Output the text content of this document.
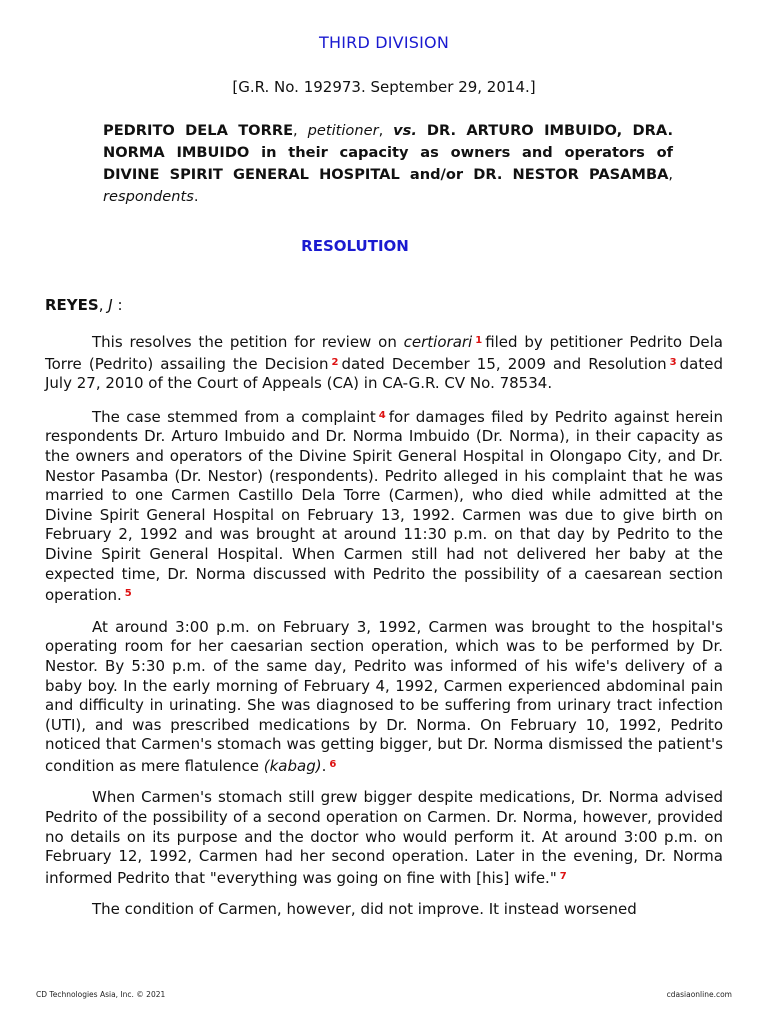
THIRD DIVISION
[G.R. No. 192973. September 29, 2014.]
PEDRITO DELA TORRE, petitioner, vs. DR. ARTURO IMBUIDO, DRA. NORMA IMBUIDO in their capacity as owners and operators of DIVINE SPIRIT GENERAL HOSPITAL and/or DR. NESTOR PASAMBA, respondents.
RESOLUTION
REYES, J :

This resolves the petition for review on certiorari $^1$ filed by petitioner Pedrito Dela Torre (Pedrito) assailing the Decision $^2$ dated December 15, 2009 and Resolution $^3$ dated July 27, 2010 of the Court of Appeals (CA) in CA-G.R. CV No. 78534.

The case stemmed from a complaint $^4$ for damages filed by Pedrito against herein respondents Dr. Arturo Imbuido and Dr. Norma Imbuido (Dr. Norma), in their capacity as the owners and operators of the Divine Spirit General Hospital in Olongapo City, and Dr. Nestor Pasamba (Dr. Nestor) (respondents). Pedrito alleged in his complaint that he was married to one Carmen Castillo Dela Torre (Carmen), who died while admitted at the Divine Spirit General Hospital on February 13, 1992. Carmen was due to give birth on February 2, 1992 and was brought at around 11:30 p.m. on that day by Pedrito to the Divine Spirit General Hospital. When Carmen still had not delivered her baby at the expected time, Dr. Norma discussed with Pedrito the possibility of a caesarean section operation. $^5$

At around 3:00 p.m. on February 3, 1992, Carmen was brought to the hospital's operating room for her caesarian section operation, which was to be performed by Dr. Nestor. By 5:30 p.m. of the same day, Pedrito was informed of his wife's delivery of a baby boy. In the early morning of February 4, 1992, Carmen experienced abdominal pain and difficulty in urinating. She was diagnosed to be suffering from urinary tract infection (UTI), and was prescribed medications by Dr. Norma. On February 10, 1992, Pedrito noticed that Carmen's stomach was getting bigger, but Dr. Norma dismissed the patient's condition as mere flatulence (kabag). $^6$

When Carmen's stomach still grew bigger despite medications, Dr. Norma advised Pedrito of the possibility of a second operation on Carmen. Dr. Norma, however, provided no details on its purpose and the doctor who would perform it. At around 3:00 p.m. on February 12, 1992, Carmen had her second operation. Later in the evening, Dr. Norma informed Pedrito that "everything was going on fine with [his] wife." $^7$

The condition of Carmen, however, did not improve. It instead worsened

CD Technologies Asia, Inc. © 2021	cdasiaonline.com
